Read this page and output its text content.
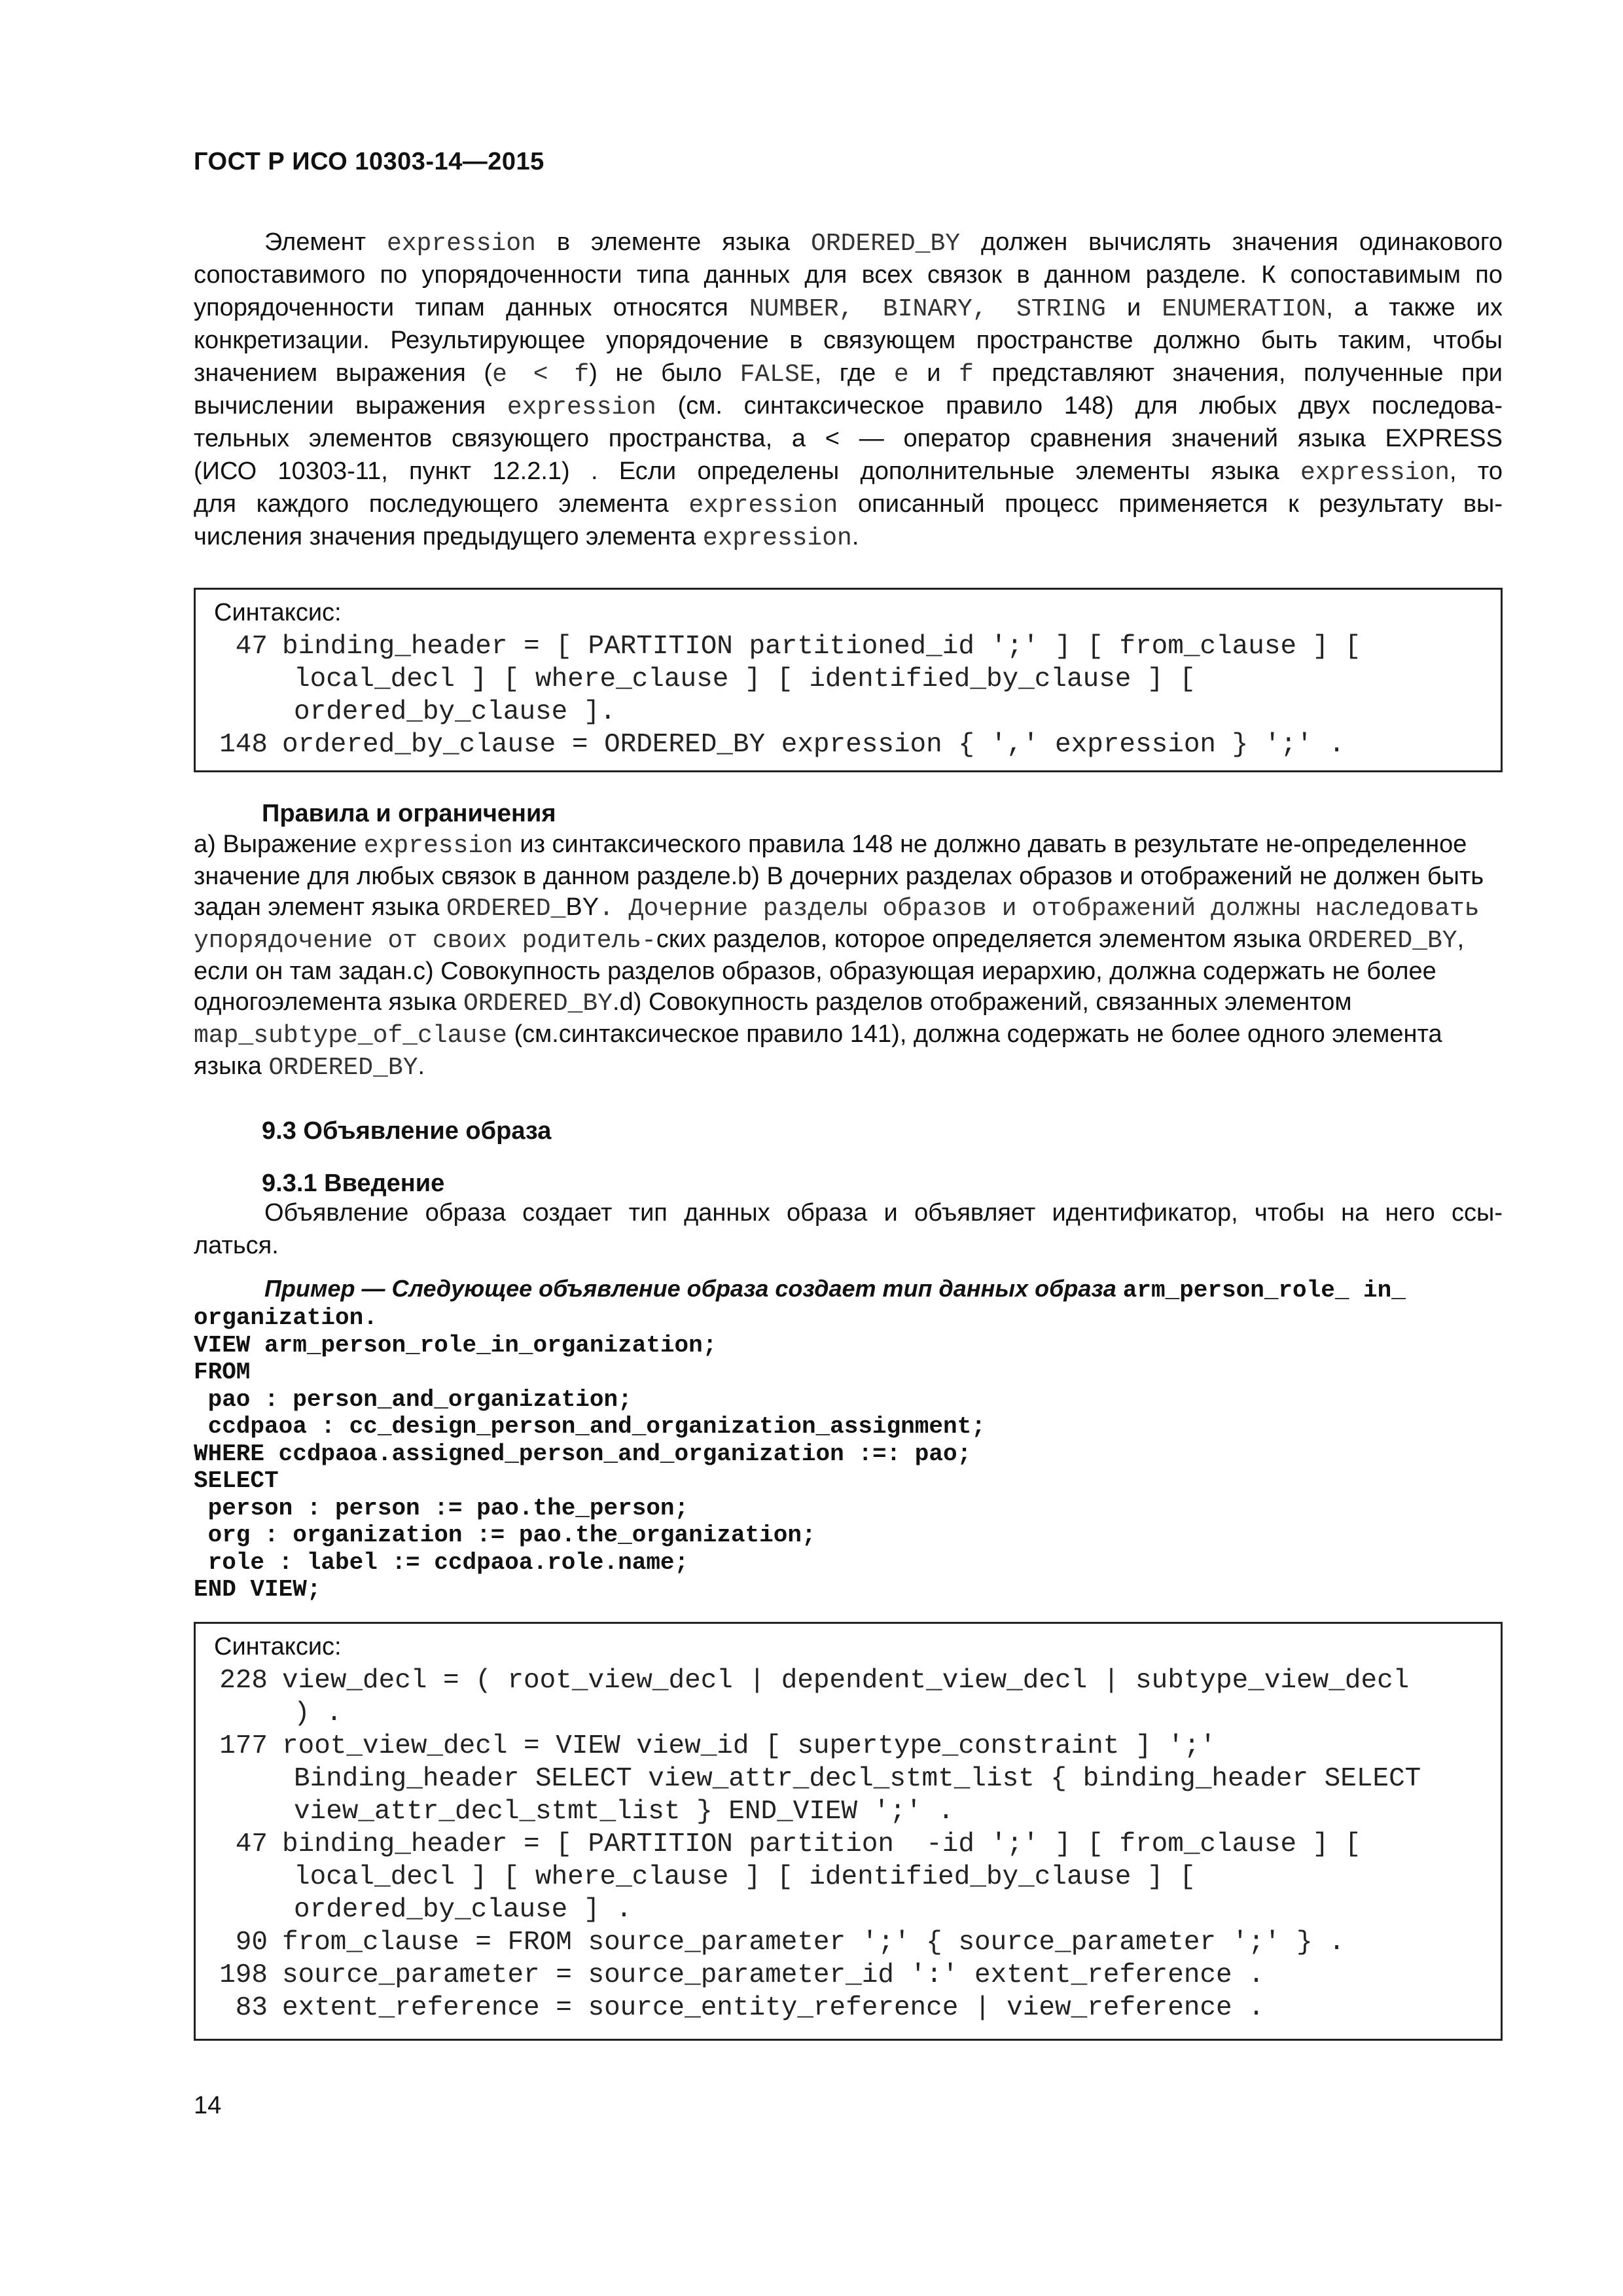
ГОСТ Р ИСО 10303-14—2015
Элемент expression в элементе языка ORDERED_BY должен вычислять значения одинакового
сопоставимого по упорядоченности типа данных для всех связок в данном разделе. К сопоставимым по
упорядоченности типам данных относятся NUMBER, BINARY, STRING и ENUMERATION, а также их
конкретизации. Результирующее упорядочение в связующем пространстве должно быть таким, чтобы
значением выражения (e < f) не было FALSE, где e и f представляют значения, полученные при
вычислении выражения expression (см. синтаксическое правило 148) для любых двух последова-
тельных элементов связующего пространства, а < — оператор сравнения значений языка EXPRESS
(ИСО 10303-11, пункт 12.2.1) . Если определены дополнительные элементы языка expression, то
для каждого последующего элемента expression описанный процесс применяется к результату вы-
числения значения предыдущего элемента expression.
Синтаксис:
47 binding_header = [ PARTITION partitioned_id ';' ] [ from_clause ] [
local_decl ] [ where_clause ] [ identified_by_clause ] [
ordered_by_clause ].
148 ordered_by_clause = ORDERED_BY expression { ',' expression } ';' .
Правила и ограничения
a) Выражение expression из синтаксического правила 148 не должно давать в результате не-определенное значение для любых связок в данном разделе.b) В дочерних разделах образов и отображений не должен быть задан элемент языка ORDERED_BY. Дочерние разделы образов и отображений должны наследовать упорядочение от своих родитель-ских разделов, которое определяется элементом языка ORDERED_BY, если он там задан.c) Совокупность разделов образов, образующая иерархию, должна содержать не более одногоэлемента языка ORDERED_BY.d) Совокупность разделов отображений, связанных элементом map_subtype_of_clause (см.синтаксическое правило 141), должна содержать не более одного элемента языка ORDERED_BY.
9.3 Объявление образа
9.3.1 Введение
Объявление образа создает тип данных образа и объявляет идентификатор, чтобы на него ссы-
латься.
Пример — Следующее объявление образа создает тип данных образа arm_person_role_ in_
organization.
VIEW arm_person_role_in_organization;
FROM
pao : person_and_organization;
ccdpaoa : cc_design_person_and_organization_assignment;
WHERE ccdpaoa.assigned_person_and_organization :=: pao;
SELECT
person : person := pao.the_person;
org : organization := pao.the_organization;
role : label := ccdpaoa.role.name;
END VIEW;
Синтаксис:
228 view_decl = ( root_view_decl | dependent_view_decl | subtype_view_decl
) .
177 root_view_decl = VIEW view_id [ supertype_constraint ] ';'
Binding_header SELECT view_attr_decl_stmt_list { binding_header SELECT
view_attr_decl_stmt_list } END_VIEW ';' .
47 binding_header = [ PARTITION partition  -id ';' ] [ from_clause ] [
local_decl ] [ where_clause ] [ identified_by_clause ] [
ordered_by_clause ] .
90 from_clause = FROM source_parameter ';' { source_parameter ';' } .
198 source_parameter = source_parameter_id ':' extent_reference .
83 extent_reference = source_entity_reference | view_reference .
14
